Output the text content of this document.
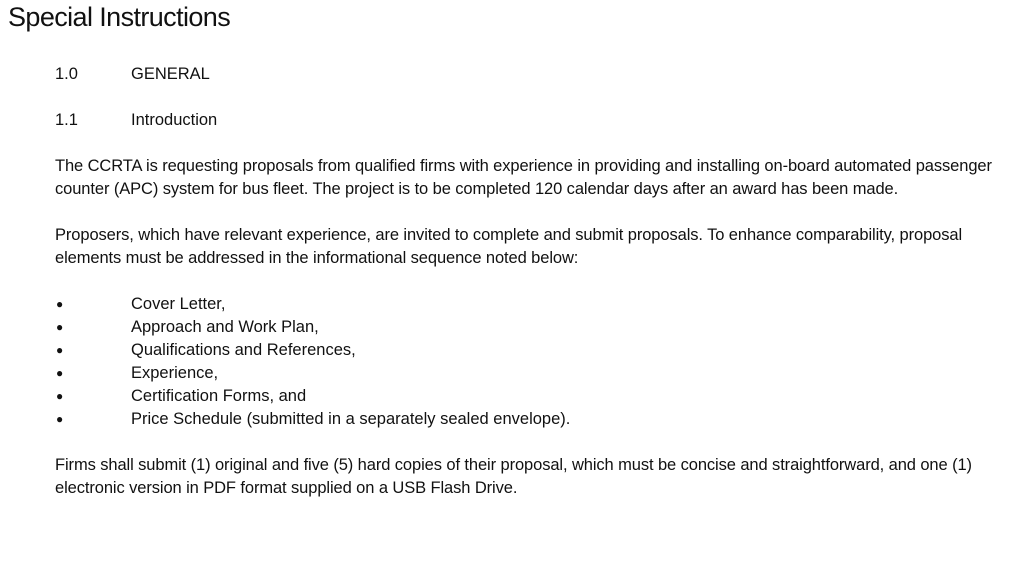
Special Instructions
1.0	GENERAL
1.1	Introduction

The CCRTA is requesting proposals from qualified firms with experience in providing and installing on-board automated passenger counter (APC) system for bus fleet. The project is to be completed 120 calendar days after an award has been made.

Proposers, which have relevant experience, are invited to complete and submit proposals. To enhance comparability, proposal elements must be addressed in the informational sequence noted below:

●	Cover Letter,
●	Approach and Work Plan,
●	Qualifications and References,
●	Experience,
●	Certification Forms, and
●	Price Schedule (submitted in a separately sealed envelope).

Firms shall submit (1) original and five (5) hard copies of their proposal, which must be concise and straightforward, and one (1) electronic version in PDF format supplied on a USB Flash Drive.
